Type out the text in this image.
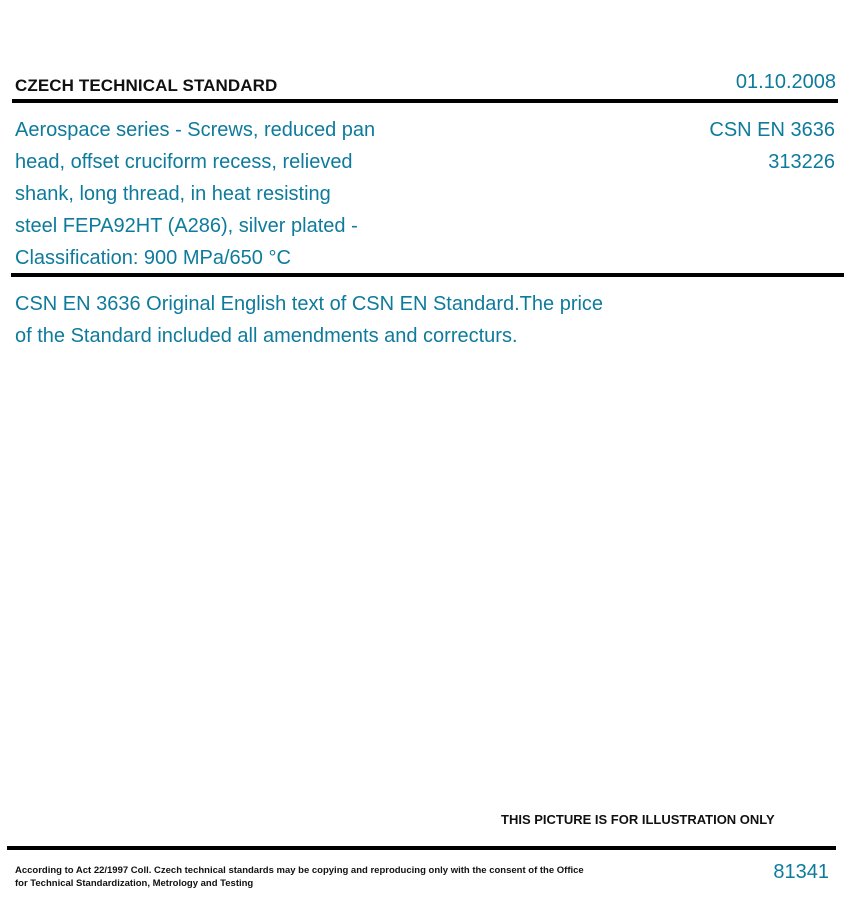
CZECH TECHNICAL STANDARD	01.10.2008
Aerospace series - Screws, reduced pan
head, offset cruciform recess, relieved
shank, long thread, in heat resisting
steel FEPA92HT (A286), silver plated -
Classification: 900 MPa/650 °C
CSN EN 3636
313226
CSN EN 3636 Original English text of CSN EN Standard.The price
of the Standard included all amendments and correcturs.
THIS PICTURE IS FOR ILLUSTRATION ONLY
According to Act 22/1997 Coll. Czech technical standards may be copying and reproducing only with the consent of the Office
for Technical Standardization, Metrology and Testing
81341
